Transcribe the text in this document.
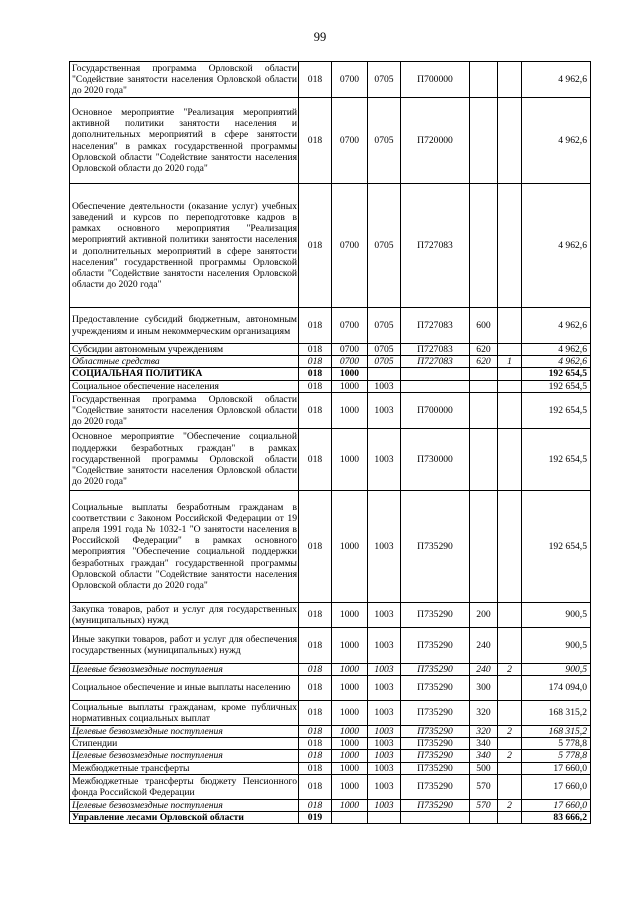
99
Государственная программа Орловской области "Содействие занятости населения Орловской области до 2020 года"	018	0700	0705	П700000			4 962,6
Основное мероприятие "Реализация мероприятий активной политики занятости населения и дополнительных мероприятий в сфере занятости населения" в рамках государственной программы Орловской области "Содействие занятости населения Орловской области до 2020 года"	018	0700	0705	П720000			4 962,6
Обеспечение деятельности (оказание услуг) учебных заведений и курсов по переподготовке кадров в рамках основного мероприятия "Реализация мероприятий активной политики занятости населения и дополнительных мероприятий в сфере занятости населения" государственной программы Орловской области "Содействие занятости населения Орловской области до 2020 года"	018	0700	0705	П727083			4 962,6
Предоставление субсидий бюджетным, автономным учреждениям и иным некоммерческим организациям	018	0700	0705	П727083	600		4 962,6
Субсидии автономным учреждениям	018	0700	0705	П727083	620		4 962,6
Областные средства	018	0700	0705	П727083	620	1	4 962,6
СОЦИАЛЬНАЯ ПОЛИТИКА	018	1000					192 654,5
Социальное обеспечение населения	018	1000	1003				192 654,5
Государственная программа Орловской области "Содействие занятости населения Орловской области до 2020 года"	018	1000	1003	П700000			192 654,5
Основное мероприятие "Обеспечение социальной поддержки безработных граждан" в рамках государственной программы Орловской области "Содействие занятости населения Орловской области до 2020 года"	018	1000	1003	П730000			192 654,5
Социальные выплаты безработным гражданам в соответствии с Законом Российской Федерации от 19 апреля 1991 года № 1032-1 "О занятости населения в Российской Федерации" в рамках основного мероприятия "Обеспечение социальной поддержки безработных граждан" государственной программы Орловской области "Содействие занятости населения Орловской области до 2020 года"	018	1000	1003	П735290			192 654,5
Закупка товаров, работ и услуг для государственных (муниципальных) нужд	018	1000	1003	П735290	200		900,5
Иные закупки товаров, работ и услуг для обеспечения государственных (муниципальных) нужд	018	1000	1003	П735290	240		900,5
Целевые безвозмездные поступления	018	1000	1003	П735290	240	2	900,5
Социальное обеспечение и иные выплаты населению	018	1000	1003	П735290	300		174 094,0
Социальные выплаты гражданам, кроме публичных нормативных социальных выплат	018	1000	1003	П735290	320		168 315,2
Целевые безвозмездные поступления	018	1000	1003	П735290	320	2	168 315,2
Стипендии	018	1000	1003	П735290	340		5 778,8
Целевые безвозмездные поступления	018	1000	1003	П735290	340	2	5 778,8
Межбюджетные трансферты	018	1000	1003	П735290	500		17 660,0
Межбюджетные трансферты бюджету Пенсионного фонда Российской Федерации	018	1000	1003	П735290	570		17 660,0
Целевые безвозмездные поступления	018	1000	1003	П735290	570	2	17 660,0
Управление лесами Орловской области	019						83 666,2
